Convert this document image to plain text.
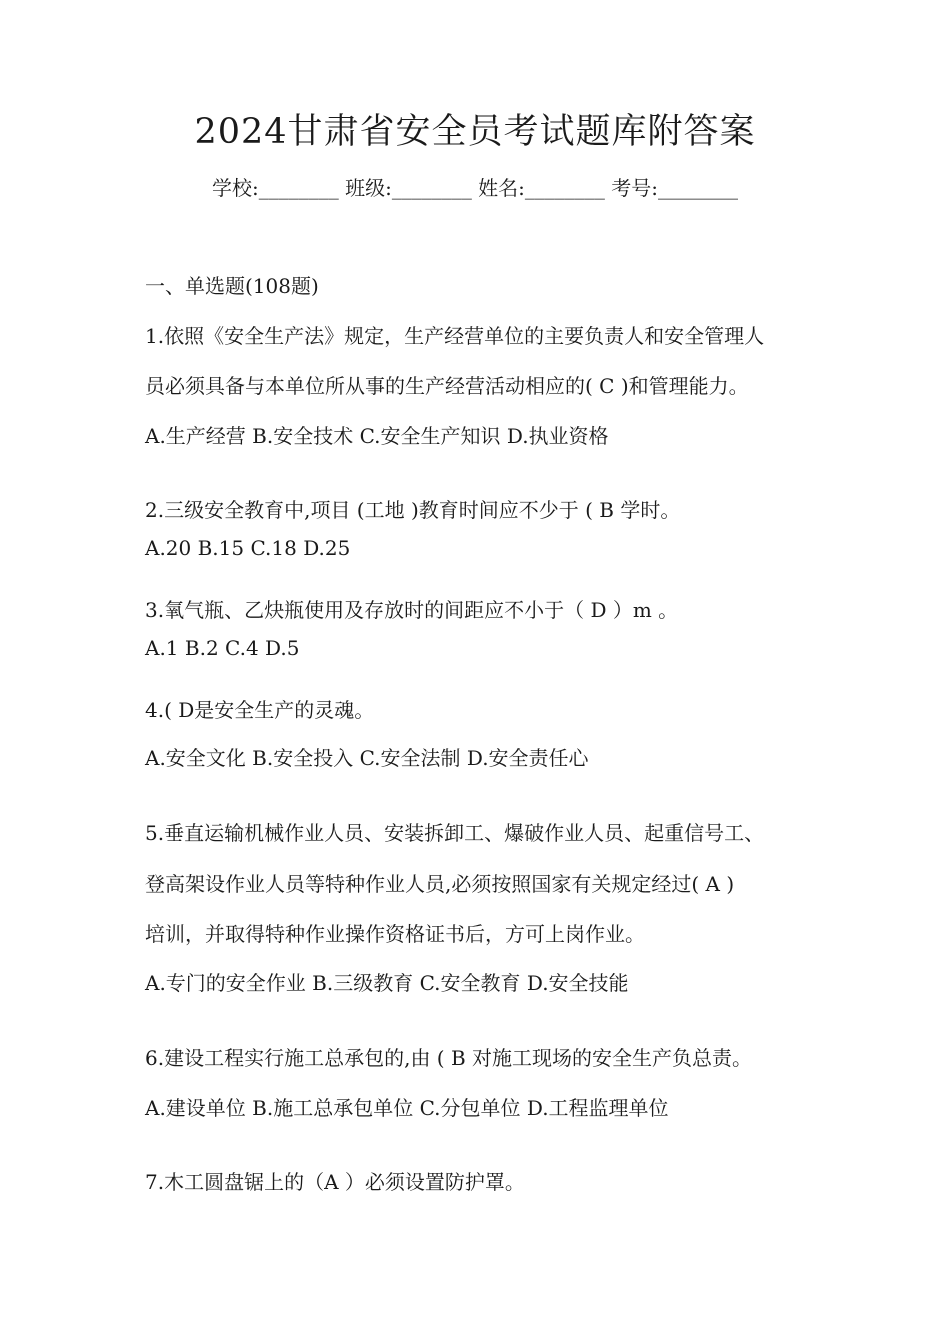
2024甘肃省安全员考试题库附答案
学校:________ 班级:________ 姓名:________ 考号:________
一、单选题(108题)
1.依照《安全生产法》规定，生产经营单位的主要负责人和安全管理人
员必须具备与本单位所从事的生产经营活动相应的( C )和管理能力。
A.生产经营 B.安全技术 C.安全生产知识 D.执业资格
2.三级安全教育中,项目 (工地 )教育时间应不少于 ( B 学时。
A.20 B.15 C.18 D.25
3.氧气瓶、乙炔瓶使用及存放时的间距应不小于（ D ）m 。
A.1 B.2 C.4 D.5
4.( D是安全生产的灵魂。
A.安全文化 B.安全投入 C.安全法制 D.安全责任心
5.垂直运输机械作业人员、安装拆卸工、爆破作业人员、起重信号工、
登高架设作业人员等特种作业人员,必须按照国家有关规定经过( A )
培训，并取得特种作业操作资格证书后，方可上岗作业。
A.专门的安全作业 B.三级教育 C.安全教育 D.安全技能
6.建设工程实行施工总承包的,由 ( B 对施工现场的安全生产负总责。
A.建设单位 B.施工总承包单位 C.分包单位 D.工程监理单位
7.木工圆盘锯上的（A ）必须设置防护罩。
